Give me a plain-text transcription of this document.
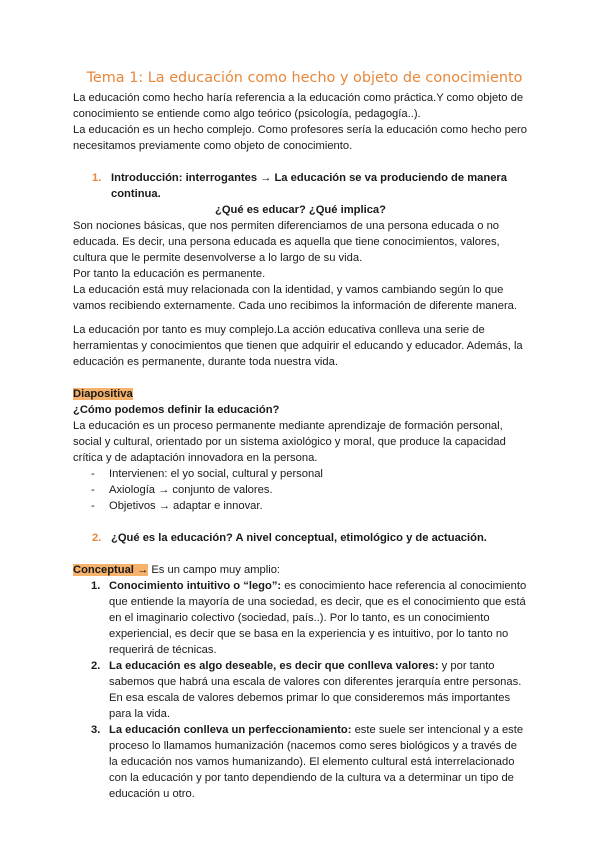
Tema 1: La educación como hecho y objeto de conocimiento

La educación como hecho haría referencia a la educación como práctica.Y como objeto de conocimiento se entiende como algo teórico (psicología, pedagogía..).

La educación es un hecho complejo. Como profesores sería la educación como hecho pero necesitamos previamente como objeto de conocimiento.

1. Introducción: interrogantes → La educación se va produciendo de manera continua.
¿Qué es educar? ¿Qué implica?

Son nociones básicas, que nos permiten diferenciamos de una persona educada o no educada. Es decir, una persona educada es aquella que tiene conocimientos, valores, cultura que le permite desenvolverse a lo largo de su vida.

Por tanto la educación es permanente.

La educación está muy relacionada con la identidad, y vamos cambiando según lo que vamos recibiendo externamente. Cada uno recibimos la información de diferente manera.

La educación por tanto es muy complejo.La acción educativa conlleva una serie de herramientas y conocimientos que tienen que adquirir el educando y educador. Además, la educación es permanente, durante toda nuestra vida.

Diapositiva
¿Cómo podemos definir la educación?

La educación es un proceso permanente mediante aprendizaje de formación personal, social y cultural, orientado por un sistema axiológico y moral, que produce la capacidad crítica y de adaptación innovadora en la persona.

- Intervienen: el yo social, cultural y personal
- Axiología → conjunto de valores.
- Objetivos → adaptar e innovar.
2. ¿Qué es la educación? A nivel conceptual, etimológico y de actuación.
Conceptual → Es un campo muy amplio:
1. Conocimiento intuitivo o “lego”: es conocimiento hace referencia al conocimiento que entiende la mayoría de una sociedad, es decir, que es el conocimiento que está en el imaginario colectivo (sociedad, país..). Por lo tanto, es un conocimiento experiencial, es decir que se basa en la experiencia y es intuitivo, por lo tanto no requerirá de técnicas.
2. La educación es algo deseable, es decir que conlleva valores: y por tanto sabemos que habrá una escala de valores con diferentes jerarquía entre personas. En esa escala de valores debemos primar lo que consideremos más importantes para la vida.
3. La educación conlleva un perfeccionamiento: este suele ser intencional y a este proceso lo llamamos humanización (nacemos como seres biológicos y a través de la educación nos vamos humanizando). El elemento cultural está interrelacionado con la educación y por tanto dependiendo de la cultura va a determinar un tipo de educación u otro.
